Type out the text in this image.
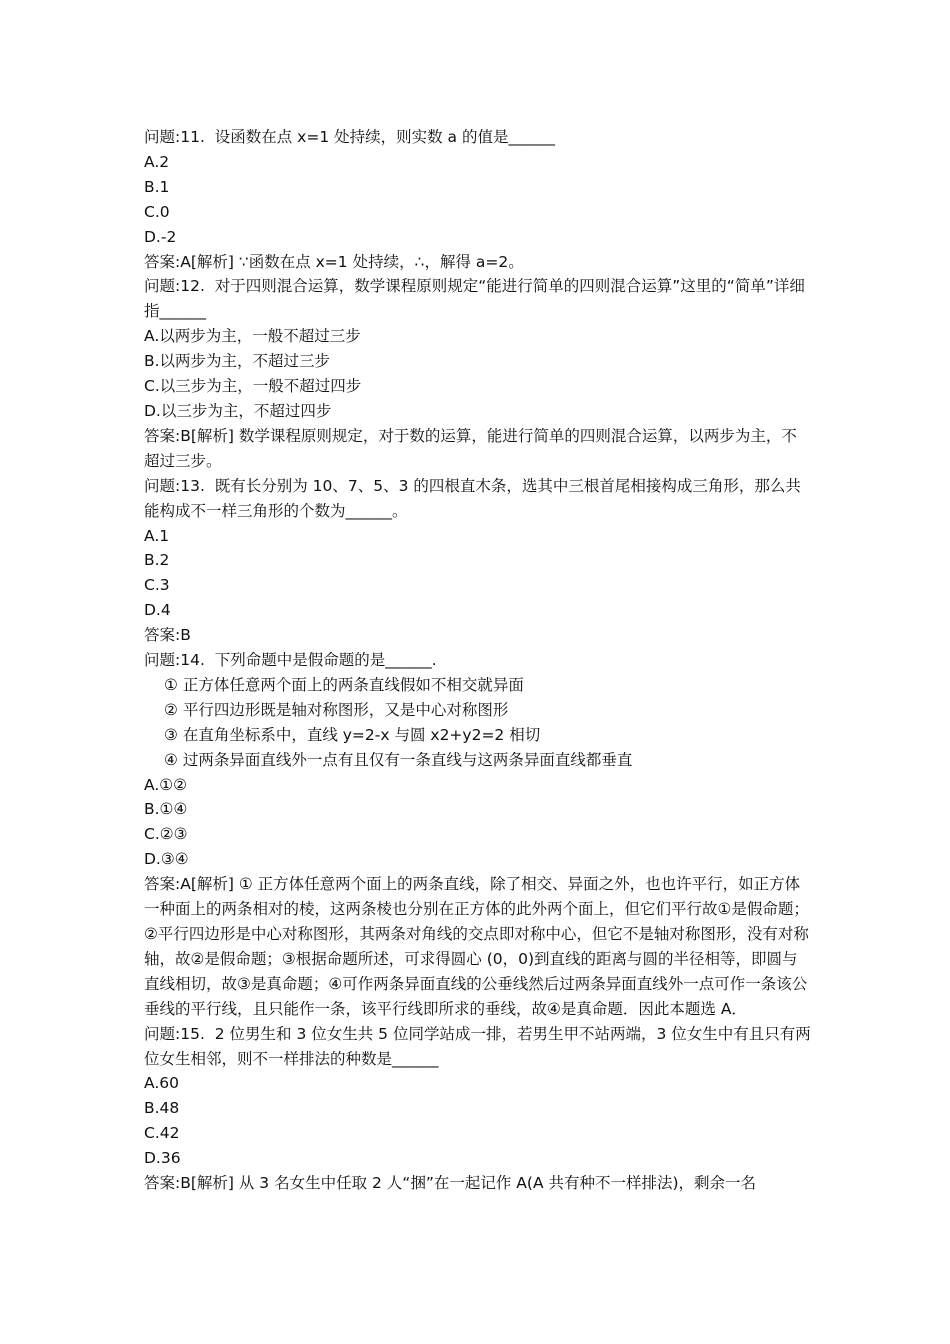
问题:11.  设函数在点 x=1 处持续，则实数 a 的值是______
A.2
B.1
C.0
D.-2
答案:A[解析] ∵函数在点 x=1 处持续，∴，解得 a=2。
问题:12.  对于四则混合运算，数学课程原则规定“能进行简单的四则混合运算”这里的“简单”详细指______
A.以两步为主，一般不超过三步
B.以两步为主，不超过三步
C.以三步为主，一般不超过四步
D.以三步为主，不超过四步
答案:B[解析] 数学课程原则规定，对于数的运算，能进行简单的四则混合运算，以两步为主，不超过三步。
问题:13.  既有长分别为 10、7、5、3 的四根直木条，选其中三根首尾相接构成三角形，那么共能构成不一样三角形的个数为______。
A.1
B.2
C.3
D.4
答案:B
问题:14.  下列命题中是假命题的是______.
① 正方体任意两个面上的两条直线假如不相交就异面
② 平行四边形既是轴对称图形，又是中心对称图形
③ 在直角坐标系中，直线 y=2-x 与圆 x2+y2=2 相切
④ 过两条异面直线外一点有且仅有一条直线与这两条异面直线都垂直
A.①②
B.①④
C.②③
D.③④
答案:A[解析] ① 正方体任意两个面上的两条直线，除了相交、异面之外，也也许平行，如正方体一种面上的两条相对的棱，这两条棱也分别在正方体的此外两个面上，但它们平行故①是假命题；②平行四边形是中心对称图形，其两条对角线的交点即对称中心，但它不是轴对称图形，没有对称轴，故②是假命题；③根据命题所述，可求得圆心 (0，0)到直线的距离与圆的半径相等，即圆与直线相切，故③是真命题；④可作两条异面直线的公垂线然后过两条异面直线外一点可作一条该公垂线的平行线，且只能作一条，该平行线即所求的垂线，故④是真命题．因此本题选 A．
问题:15.  2 位男生和 3 位女生共 5 位同学站成一排，若男生甲不站两端，3 位女生中有且只有两位女生相邻，则不一样排法的种数是______
A.60
B.48
C.42
D.36
答案:B[解析] 从 3 名女生中任取 2 人“捆”在一起记作 A(A 共有种不一样排法)，剩余一名
